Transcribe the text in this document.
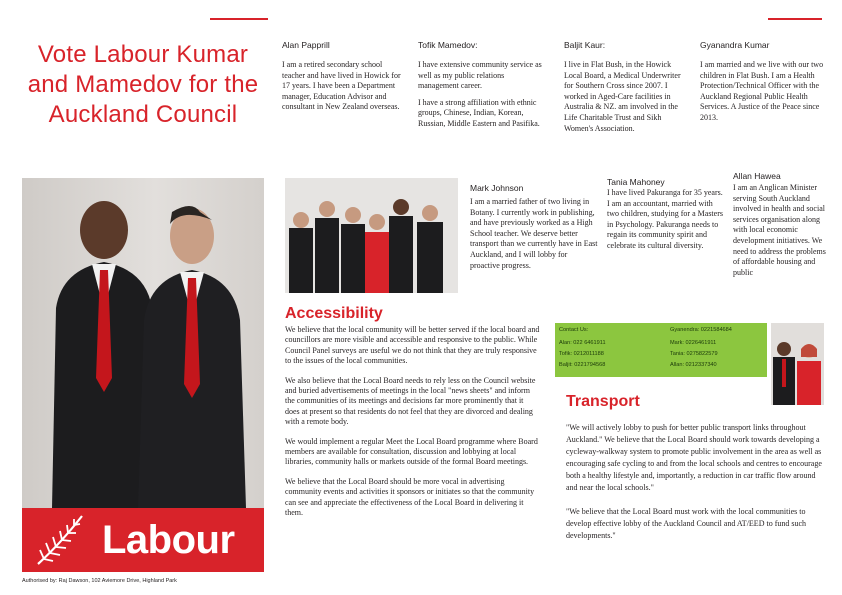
Vote Labour Kumar and Mamedov for the Auckland Council
Alan Papprill

I am a retired secondary school teacher and have lived in Howick for 17 years. I have been a Department manager, Education Advisor and consultant in New Zealand overseas.

Tofik Mamedov:

I have extensive community service as well as my public relations management career.

I have a strong affiliation with ethnic groups, Chinese, Indian, Korean, Russian, Middle Eastern and Pasifika.

Baljit Kaur:

I live in Flat Bush, in the Howick Local Board, a Medical Underwriter for Southern Cross since 2007. I worked in Aged-Care facilities in Australia & NZ. am involved in the Life Charitable Trust and Sikh Women's Association.

Gyanandra Kumar

I am married and we live with our two children in Flat Bush. I am a Health Protection/Technical Officer with the Auckland Regional Public Health Services. A Justice of the Peace since 2013.

Mark Johnson

I am a married father of two living in Botany. I currently work in publishing, and have previously worked as a High School teacher. We deserve better transport than we currently have in East Auckland, and I will lobby for proactive progress.

Tania Mahoney

I have lived Pakuranga for 35 years. I am an accountant, married with two children, studying for a Masters in Psychology. Pakuranga needs to regain its community spirit and celebrate its cultural diversity.

Allan Hawea

I am an Anglican Minister serving South Auckland involved in health and social services organisation along with local economic development initiatives. We need to address the problems of affordable housing and public

Accessibility

We believe that the local community will be better served if the local board and councillors are more visible and accessible and responsive to the public. While Council Panel surveys are useful we do not think that they are truly responsive to the issues of the local communities.

We also believe that the Local Board needs to rely less on the Council website and buried advertisements of meetings in the local "news sheets" and inform the communities of its meetings and decisions far more prominently that it does at present so that residents do not feel that they are divorced and dealing with a remote body.

We would implement a regular Meet the Local Board programme where Board members are available for consultation, discussion and lobbying at local libraries, community halls or markets outside of the formal Board meetings.

We believe that the Local Board should be more vocal in advertising community events and activities it sponsors or initiates so that the community can see and appreciate the effectiveness of the Local Board in delivering it them.

Contact Us:
Alan: 022 6461911
Tofik: 0212011188
Baljit: 0221794568
Gyanendra: 0221584684
Mark: 0226461911
Tania: 0275822579
Allan: 0212337340
Transport

"We will actively lobby to push for better public transport links throughout Auckland." We believe that the Local Board should work towards developing a cycleway-walkway system to promote public involvement in the area as well as encouraging safe cycling to and from the local schools and centres to encourage both a healthy lifestyle and, importantly, a reduction in car traffic flow around and near the local schools."

"We believe that the Local Board must work with the local communities to develop effective lobby of the Auckland Council and AT/EED to fund such developments."

Labour
Authorised by: Raj Dawson, 102 Aviemore Drive, Highland Park
